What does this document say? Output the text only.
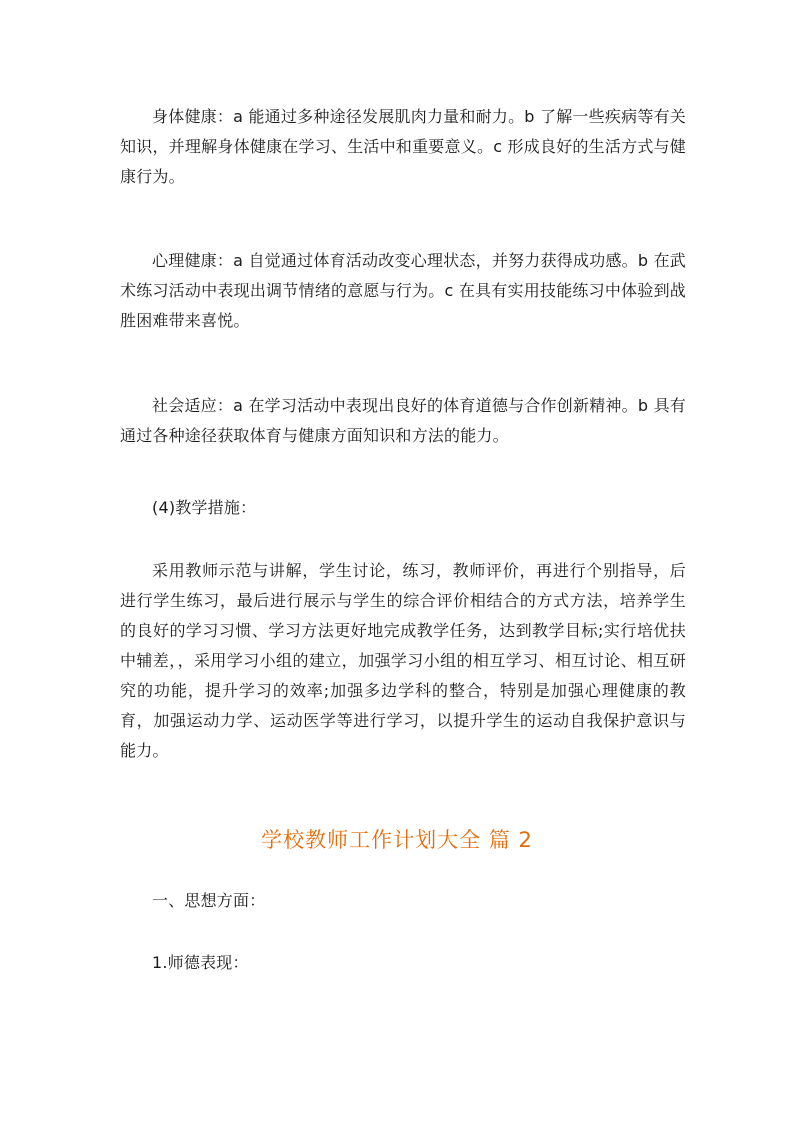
身体健康：a 能通过多种途径发展肌肉力量和耐力。b 了解一些疾病等有关知识，并理解身体健康在学习、生活中和重要意义。c 形成良好的生活方式与健康行为。

心理健康：a 自觉通过体育活动改变心理状态，并努力获得成功感。b 在武术练习活动中表现出调节情绪的意愿与行为。c 在具有实用技能练习中体验到战胜困难带来喜悦。

社会适应：a 在学习活动中表现出良好的体育道德与合作创新精神。b 具有通过各种途径获取体育与健康方面知识和方法的能力。

(4)教学措施：

采用教师示范与讲解，学生讨论，练习，教师评价，再进行个别指导，后进行学生练习，最后进行展示与学生的综合评价相结合的方式方法，培养学生的良好的学习习惯、学习方法更好地完成教学任务，达到教学目标;实行培优扶中辅差，，采用学习小组的建立，加强学习小组的相互学习、相互讨论、相互研究的功能，提升学习的效率;加强多边学科的整合，特别是加强心理健康的教育，加强运动力学、运动医学等进行学习，以提升学生的运动自我保护意识与能力。

学校教师工作计划大全 篇 2

一、思想方面：

1.师德表现：
